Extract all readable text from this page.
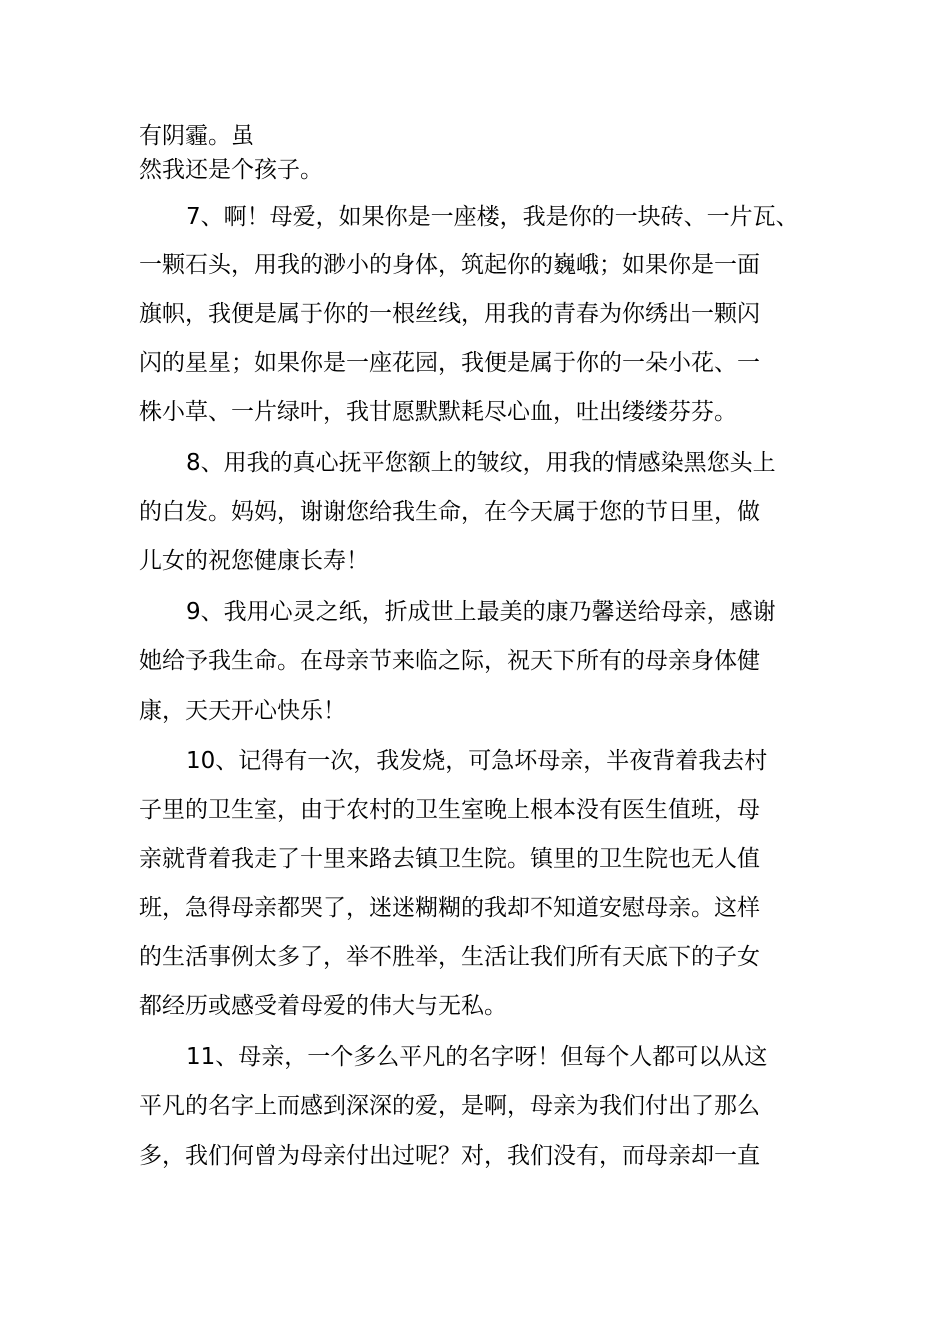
有阴霾。虽
然我还是个孩子。
7、啊！母爱，如果你是一座楼，我是你的一块砖、一片瓦、
一颗石头，用我的渺小的身体，筑起你的巍峨；如果你是一面
旗帜，我便是属于你的一根丝线，用我的青春为你绣出一颗闪
闪的星星；如果你是一座花园，我便是属于你的一朵小花、一
株小草、一片绿叶，我甘愿默默耗尽心血，吐出缕缕芬芬。
8、用我的真心抚平您额上的皱纹，用我的情感染黑您头上
的白发。妈妈，谢谢您给我生命，在今天属于您的节日里，做
儿女的祝您健康长寿！
9、我用心灵之纸，折成世上最美的康乃馨送给母亲，感谢
她给予我生命。在母亲节来临之际，祝天下所有的母亲身体健
康，天天开心快乐！
10、记得有一次，我发烧，可急坏母亲，半夜背着我去村
子里的卫生室，由于农村的卫生室晚上根本没有医生值班，母
亲就背着我走了十里来路去镇卫生院。镇里的卫生院也无人值
班，急得母亲都哭了，迷迷糊糊的我却不知道安慰母亲。这样
的生活事例太多了，举不胜举，生活让我们所有天底下的子女
都经历或感受着母爱的伟大与无私。
11、母亲，一个多么平凡的名字呀！但每个人都可以从这
平凡的名字上而感到深深的爱，是啊，母亲为我们付出了那么
多，我们何曾为母亲付出过呢？对，我们没有，而母亲却一直
